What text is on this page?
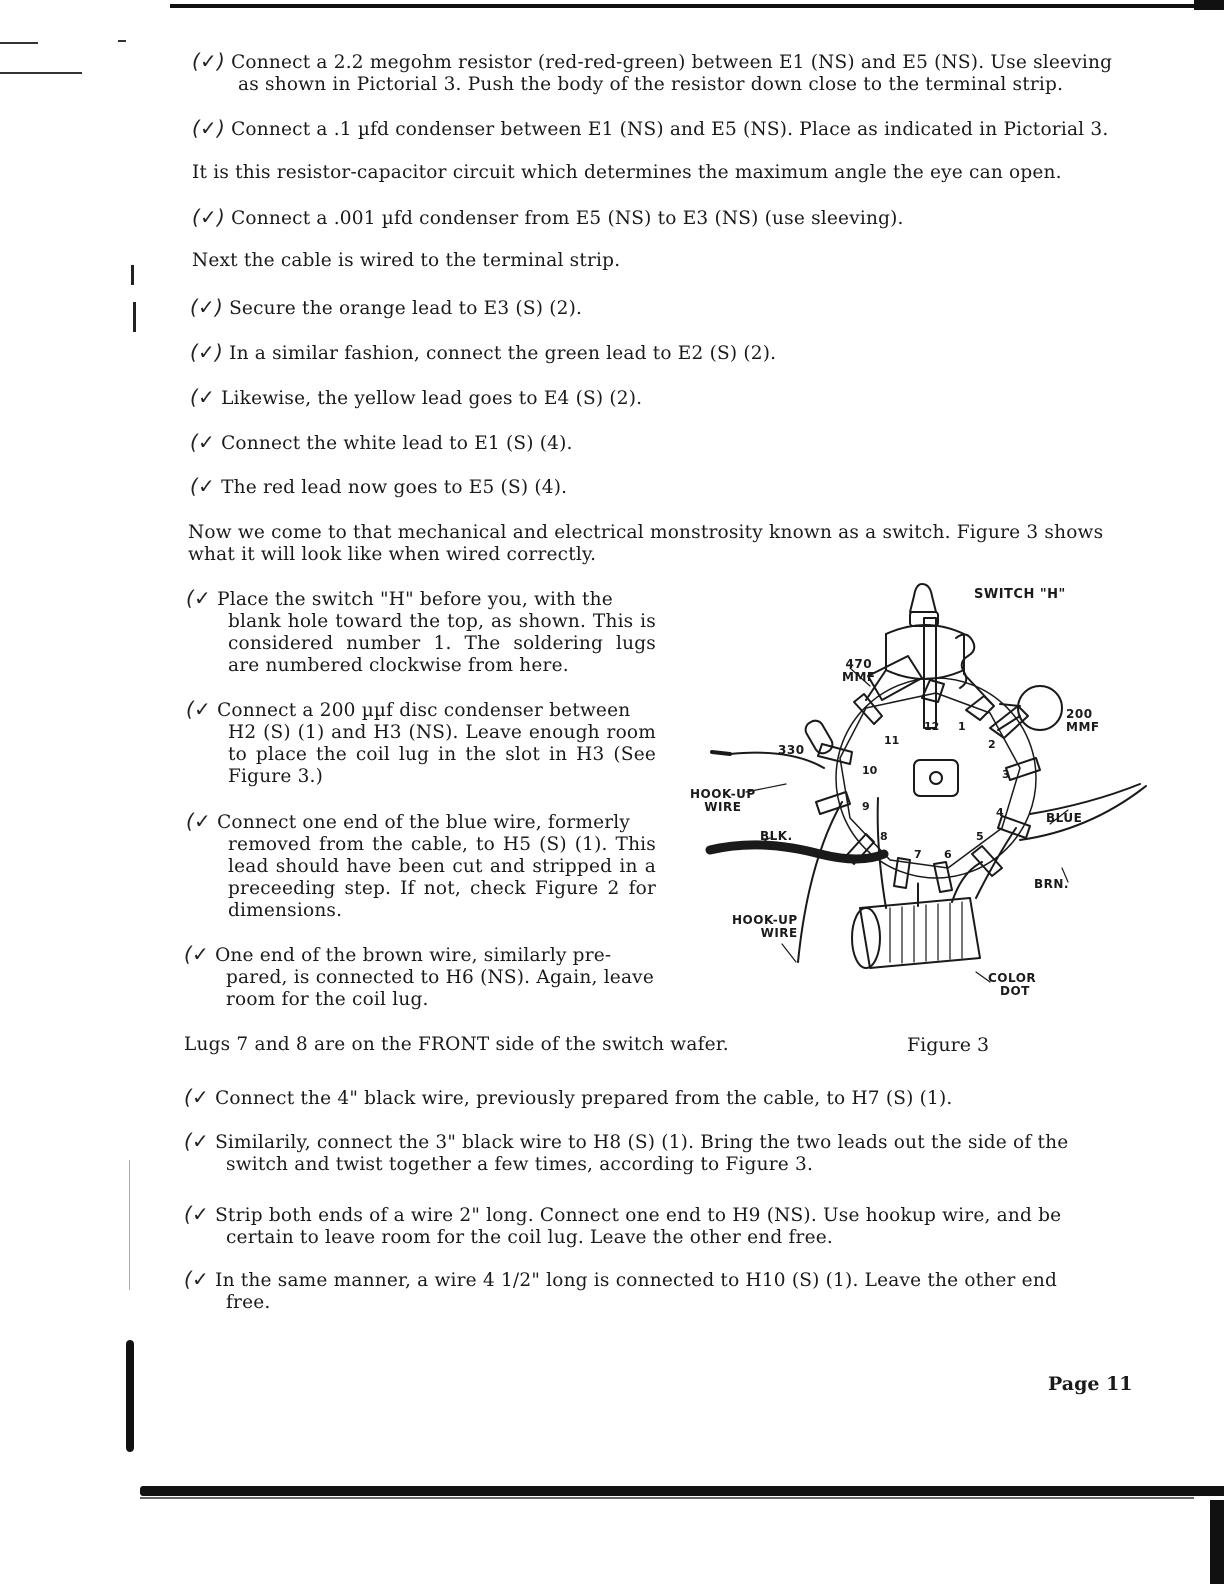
(✓) Connect a 2.2 megohm resistor (red-red-green) between E1 (NS) and E5 (NS). Use sleeving
as shown in Pictorial 3. Push the body of the resistor down close to the terminal strip.
(✓) Connect a .1 µfd condenser between E1 (NS) and E5 (NS). Place as indicated in Pictorial 3.
It is this resistor-capacitor circuit which determines the maximum angle the eye can open.
(✓) Connect a .001 µfd condenser from E5 (NS) to E3 (NS) (use sleeving).
Next the cable is wired to the terminal strip.
(✓) Secure the orange lead to E3 (S) (2).
(✓) In a similar fashion, connect the green lead to E2 (S) (2).
(✓ Likewise, the yellow lead goes to E4 (S) (2).
(✓ Connect the white lead to E1 (S) (4).
(✓ The red lead now goes to E5 (S) (4).
Now we come to that mechanical and electrical monstrosity known as a switch. Figure 3 shows
what it will look like when wired correctly.
(✓ Place the switch "H" before you, with the
blank hole toward the top, as shown. This is considered number 1. The soldering lugs are numbered clockwise from here.
(✓ Connect a 200 µµf disc condenser between
H2 (S) (1) and H3 (NS). Leave enough room to place the coil lug in the slot in H3 (See Figure 3.)
(✓ Connect one end of the blue wire, formerly
removed from the cable, to H5 (S) (1). This lead should have been cut and stripped in a preceeding step. If not, check Figure 2 for dimensions.
(✓ One end of the brown wire, similarly pre-
pared, is connected to H6 (NS). Again, leave room for the coil lug.
Lugs 7 and 8 are on the FRONT side of the switch wafer.	Figure 3
(✓ Connect the 4" black wire, previously prepared from the cable, to H7 (S) (1).
(✓ Similarily, connect the 3" black wire to H8 (S) (1). Bring the two leads out the side of the
switch and twist together a few times, according to Figure 3.
(✓ Strip both ends of a wire 2" long. Connect one end to H9 (NS). Use hookup wire, and be
certain to leave room for the coil lug. Leave the other end free.
(✓ In the same manner, a wire 4 1/2" long is connected to H10 (S) (1). Leave the other end
free.
Page 11
1
2
3
4
5
6
7
8
9
10
11
12
SWITCH "H"
470
MMF
200
MMF
330
HOOK-UP
WIRE
BLK.
BLUE
BRN.
HOOK-UP
WIRE
COLOR
DOT
